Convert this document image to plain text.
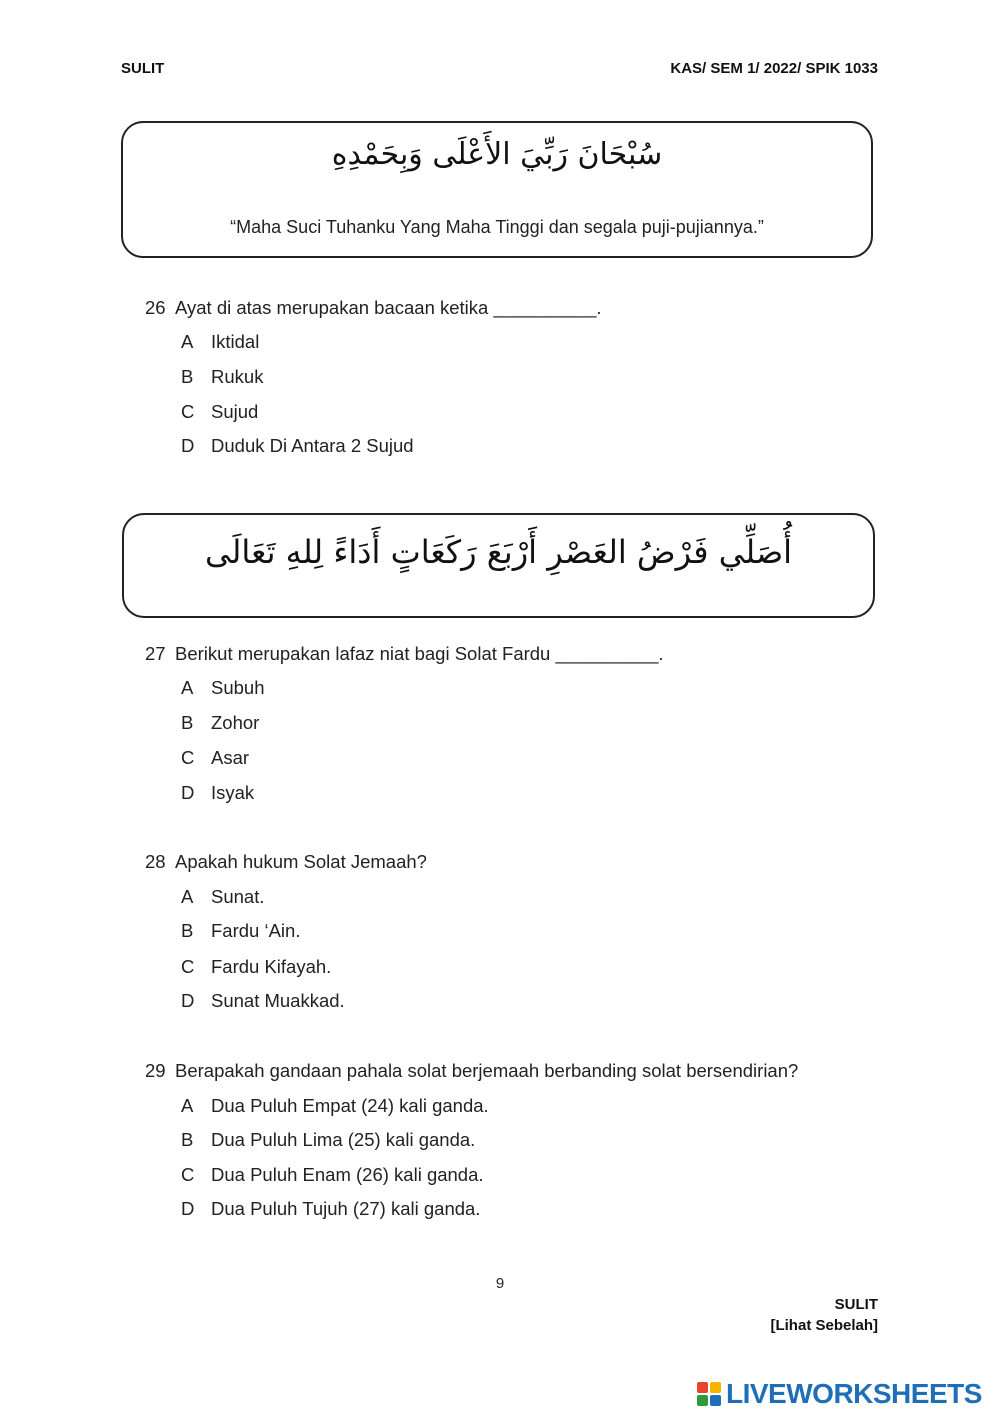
SULIT	KAS/ SEM 1/ 2022/ SPIK 1033
سُبْحَانَ رَبِّيَ الأَعْلَى وَبِحَمْدِهِ
“Maha Suci Tuhanku Yang Maha Tinggi dan segala puji-pujiannya.”
26 Ayat di atas merupakan bacaan ketika __________.
A Iktidal
B Rukuk
C Sujud
D Duduk Di Antara 2 Sujud
أُصَلِّي فَرْضُ العَصْرِ أَرْبَعَ رَكَعَاتٍ أَدَاءً لِلهِ تَعَالَى
27 Berikut merupakan lafaz niat bagi Solat Fardu __________.
A Subuh
B Zohor
C Asar
D Isyak
28 Apakah hukum Solat Jemaah?
A Sunat.
B Fardu ‘Ain.
C Fardu Kifayah.
D Sunat Muakkad.
29 Berapakah gandaan pahala solat berjemaah berbanding solat bersendirian?
A Dua Puluh Empat (24) kali ganda.
B Dua Puluh Lima (25) kali ganda.
C Dua Puluh Enam (26) kali ganda.
D Dua Puluh Tujuh (27) kali ganda.
9
SULIT
[Lihat Sebelah]
LIVEWORKSHEETS
